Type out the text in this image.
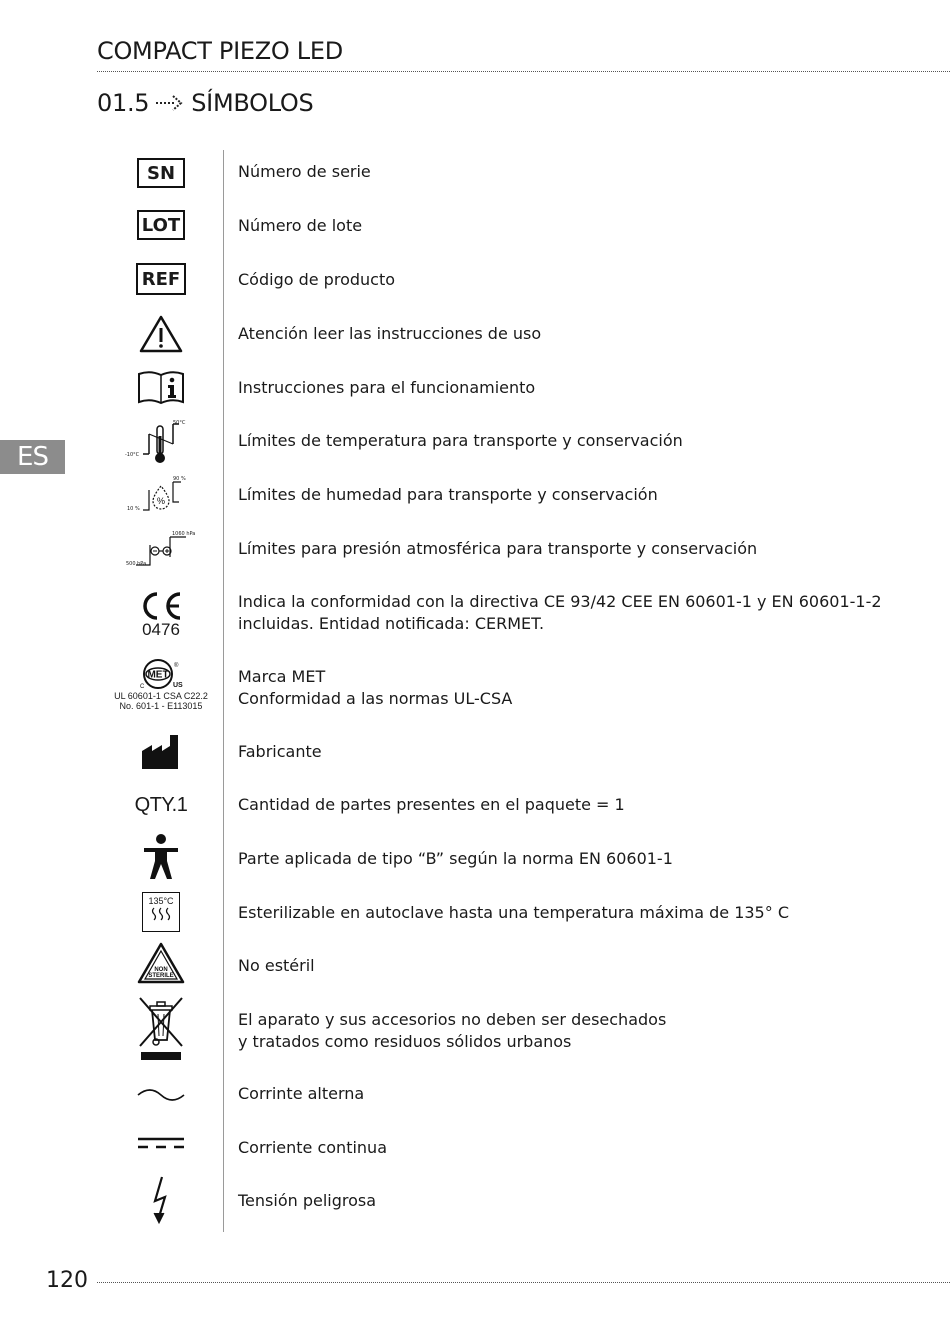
COMPACT PIEZO LED
01.5 SÍMBOLOS
ES
SN	Número de serie
LOT	Número de lote
REF	Código de producto
Atención leer las instrucciones de uso
Instrucciones para el funcionamiento
50°C
-10°C
Límites de temperatura para transporte y conservación
%
90 %
10 %
Límites de humedad para transporte y conservación
1060 hPa
500 hPa
Límites para presión atmosférica para transporte y conservación
0476
Indica la conformidad con la directiva CE 93/42 CEE EN 60601-1 y EN 60601-1-2
incluidas. Entidad notificada: CERMET.
MET
US
C
®
UL 60601-1 CSA C22.2
No. 601-1 - E113015
Marca MET
Conformidad a las normas UL-CSA
Fabricante
QTY.1	Cantidad de partes presentes en el paquete = 1
Parte aplicada de tipo “B” según la norma EN 60601-1
135°C
Esterilizable en autoclave hasta una temperatura máxima de 135° C
NON
STERILE
No estéril
El aparato y sus accesorios no deben ser desechados
y tratados como residuos sólidos urbanos
Corrinte alterna
Corriente continua
Tensión peligrosa
120
